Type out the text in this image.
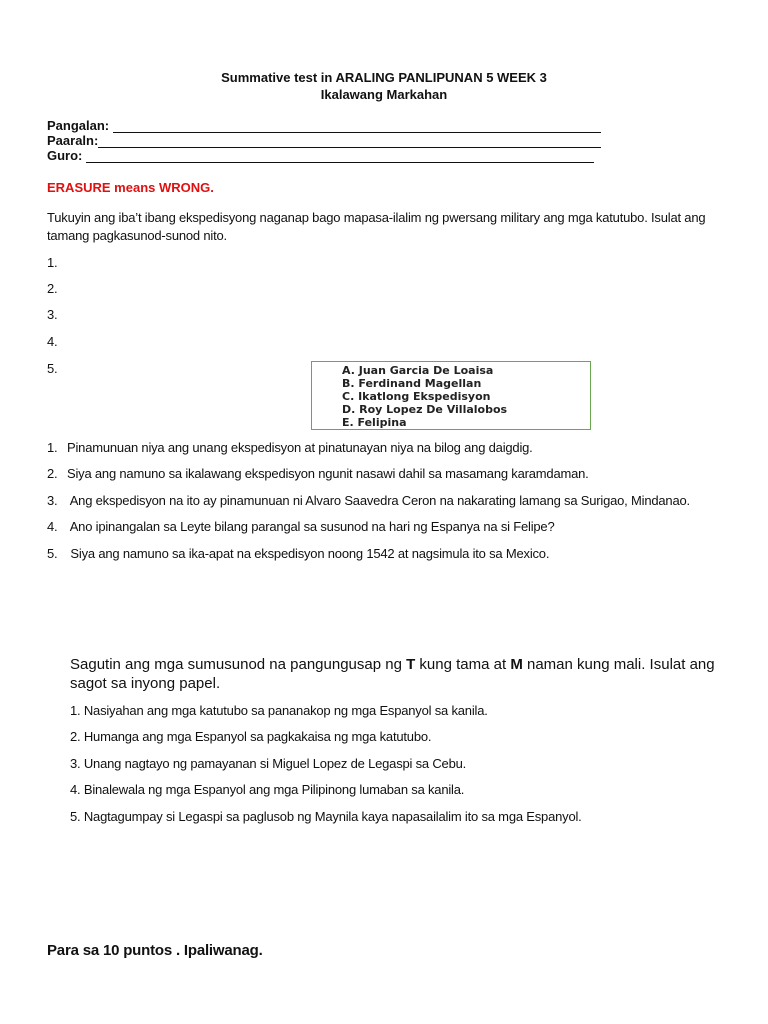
Summative test in ARALING PANLIPUNAN 5 WEEK 3
Ikalawang Markahan
Pangalan:
Paaraln:
Guro:
ERASURE means WRONG.
Tukuyin ang iba’t ibang ekspedisyong naganap bago mapasa-ilalim ng pwersang military ang mga katutubo. Isulat ang tamang pagkasunod-sunod nito.
1.
2.
3.
4.
5.	A. Juan Garcia De Loaisa
B. Ferdinand Magellan
C. Ikatlong Ekspedisyon
D. Roy Lopez De Villalobos
E. Felipina
1. Pinamunuan niya ang unang ekspedisyon at pinatunayan niya na bilog ang daigdig.
2. Siya ang namuno sa ikalawang ekspedisyon ngunit nasawi dahil sa masamang karamdaman.
3. Ang ekspedisyon na ito ay pinamunuan ni Alvaro Saavedra Ceron na nakarating lamang sa Surigao, Mindanao.
4. Ano ipinangalan sa Leyte bilang parangal sa susunod na hari ng Espanya na si Felipe?
5. Siya ang namuno sa ika-apat na ekspedisyon noong 1542 at nagsimula ito sa Mexico.
Sagutin ang mga sumusunod na pangungusap ng T kung tama at M naman kung mali. Isulat ang sagot sa inyong papel.
1. Nasiyahan ang mga katutubo sa pananakop ng mga Espanyol sa kanila.
2. Humanga ang mga Espanyol sa pagkakaisa ng mga katutubo.
3. Unang nagtayo ng pamayanan si Miguel Lopez de Legaspi sa Cebu.
4. Binalewala ng mga Espanyol ang mga Pilipinong lumaban sa kanila.
5. Nagtagumpay si Legaspi sa paglusob ng Maynila kaya napasailalim ito sa mga Espanyol.
Para sa 10 puntos . Ipaliwanag.
